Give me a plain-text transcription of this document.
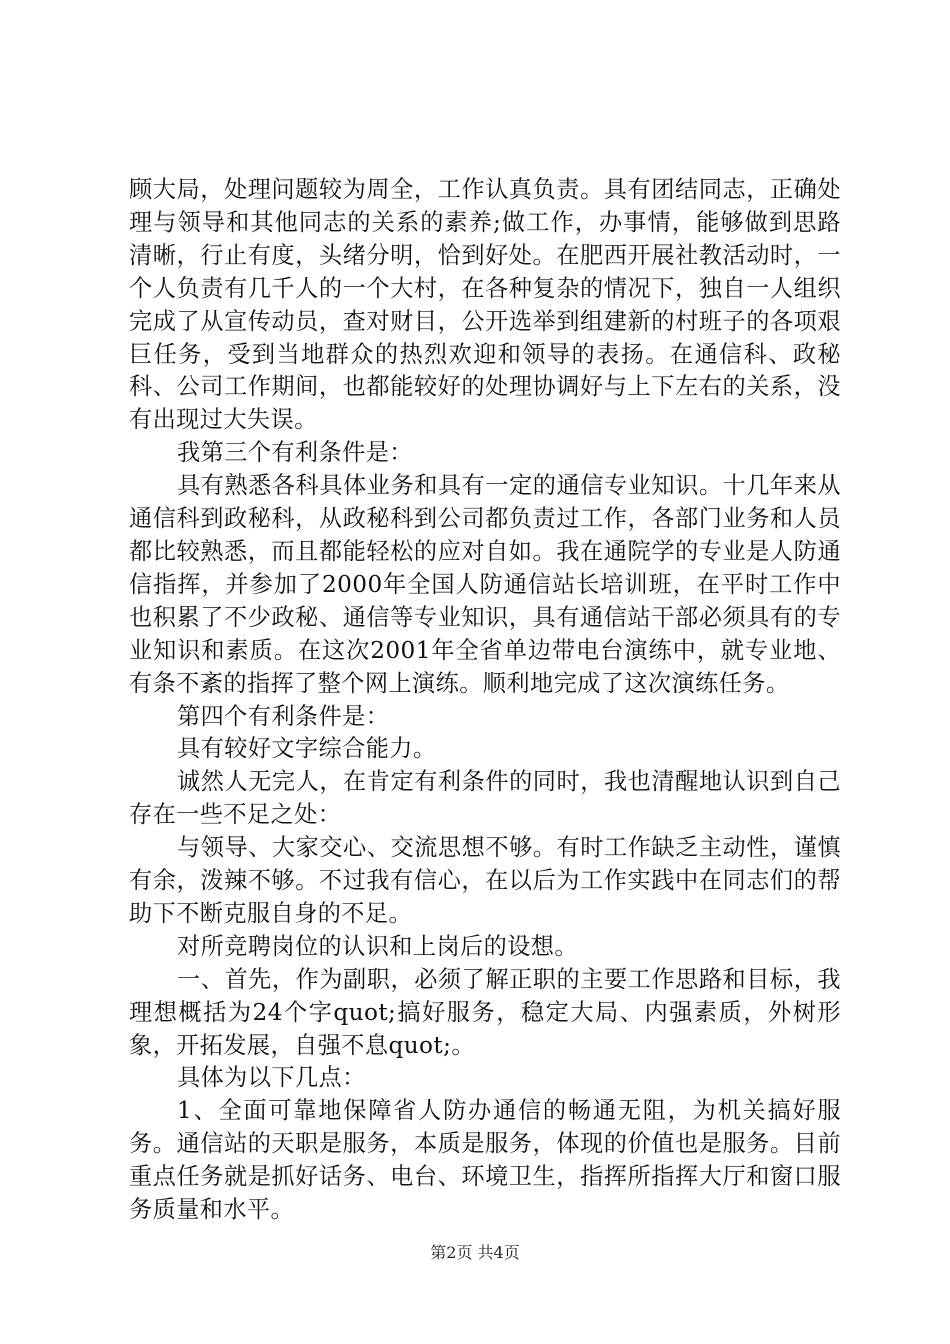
顾大局，处理问题较为周全，工作认真负责。具有团结同志，正确处理与领导和其他同志的关系的素养;做工作，办事情，能够做到思路清晰，行止有度，头绪分明，恰到好处。在肥西开展社教活动时，一个人负责有几千人的一个大村，在各种复杂的情况下，独自一人组织完成了从宣传动员，查对财目，公开选举到组建新的村班子的各项艰巨任务，受到当地群众的热烈欢迎和领导的表扬。在通信科、政秘科、公司工作期间，也都能较好的处理协调好与上下左右的关系，没有出现过大失误。

我第三个有利条件是：

具有熟悉各科具体业务和具有一定的通信专业知识。十几年来从通信科到政秘科，从政秘科到公司都负责过工作，各部门业务和人员都比较熟悉，而且都能轻松的应对自如。我在通院学的专业是人防通信指挥，并参加了2000年全国人防通信站长培训班，在平时工作中也积累了不少政秘、通信等专业知识，具有通信站干部必须具有的专业知识和素质。在这次2001年全省单边带电台演练中，就专业地、有条不紊的指挥了整个网上演练。顺利地完成了这次演练任务。

第四个有利条件是：

具有较好文字综合能力。

诚然人无完人，在肯定有利条件的同时，我也清醒地认识到自己存在一些不足之处：

与领导、大家交心、交流思想不够。有时工作缺乏主动性，谨慎有余，泼辣不够。不过我有信心，在以后为工作实践中在同志们的帮助下不断克服自身的不足。

对所竞聘岗位的认识和上岗后的设想。

一、首先，作为副职，必须了解正职的主要工作思路和目标，我理想概括为24个字quot;搞好服务，稳定大局、内强素质，外树形象，开拓发展，自强不息quot;。

具体为以下几点：

1、全面可靠地保障省人防办通信的畅通无阻，为机关搞好服务。通信站的天职是服务，本质是服务，体现的价值也是服务。目前重点任务就是抓好话务、电台、环境卫生，指挥所指挥大厅和窗口服务质量和水平。

第2页 共4页
